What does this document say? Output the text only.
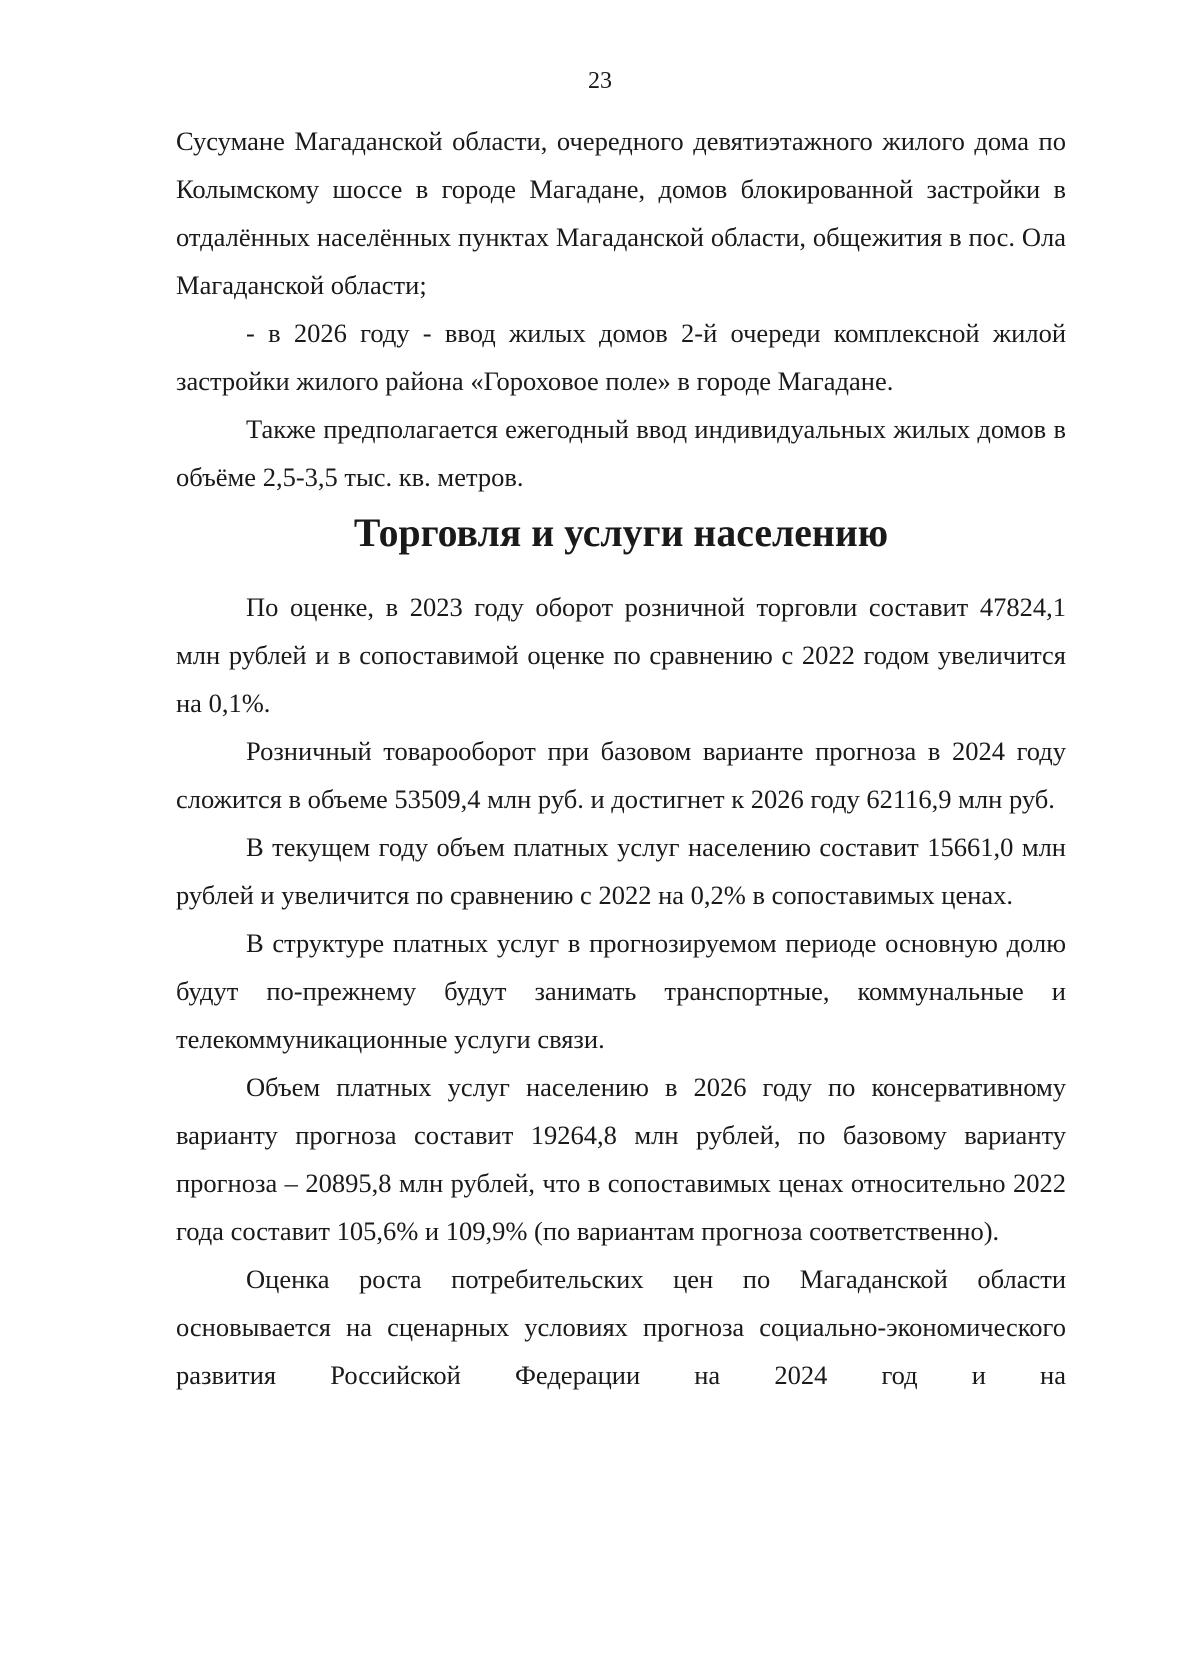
23

Сусумане Магаданской области, очередного девятиэтажного жилого дома по Колымскому шоссе в городе Магадане, домов блокированной застройки в отдалённых населённых пунктах Магаданской области, общежития в пос. Ола Магаданской области;

- в 2026 году - ввод жилых домов 2-й очереди комплексной жилой застройки жилого района «Гороховое поле» в городе Магадане.

Также предполагается ежегодный ввод индивидуальных жилых домов в объёме 2,5-3,5 тыс. кв. метров.

Торговля и услуги населению

По оценке, в 2023 году оборот розничной торговли составит 47824,1 млн рублей и в сопоставимой оценке по сравнению с 2022 годом увеличится на 0,1%.

Розничный товарооборот при базовом варианте прогноза в 2024 году сложится в объеме 53509,4 млн руб. и достигнет к 2026 году 62116,9 млн руб.

В текущем году объем платных услуг населению составит 15661,0 млн рублей и увеличится по сравнению с 2022 на 0,2% в сопоставимых ценах.

В структуре платных услуг в прогнозируемом периоде основную долю будут по-прежнему будут занимать транспортные, коммунальные и телекоммуникационные услуги связи.

Объем платных услуг населению в 2026 году по консервативному варианту прогноза составит 19264,8 млн рублей, по базовому варианту прогноза – 20895,8 млн рублей, что в сопоставимых ценах относительно 2022 года составит 105,6% и 109,9% (по вариантам прогноза соответственно).

Оценка роста потребительских цен по Магаданской области основывается на сценарных условиях прогноза социально-экономического развития Российской Федерации на 2024 год и на
